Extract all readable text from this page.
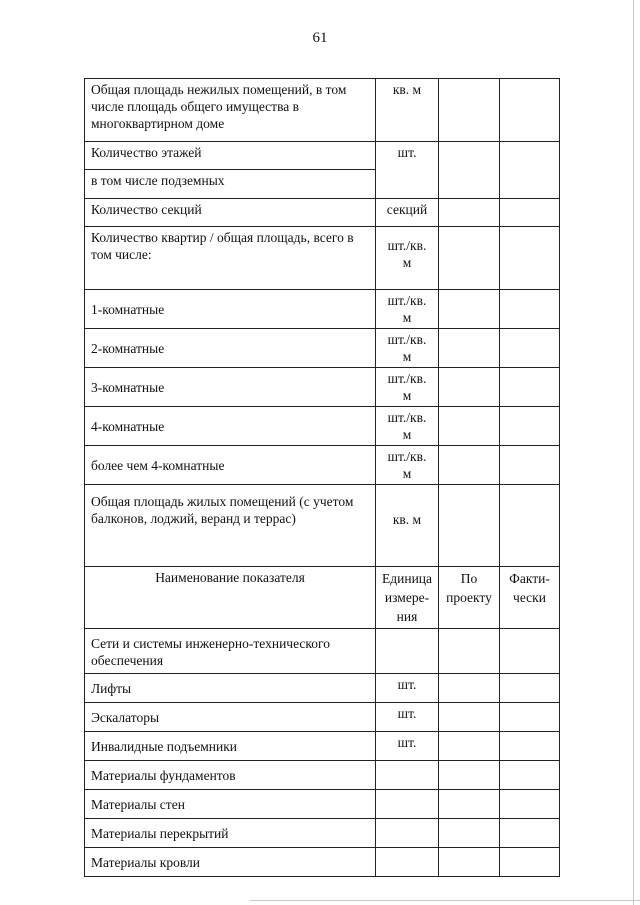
61
Общая площадь нежилых помещений, в том числе площадь общего имущества в многоквартирном доме	кв. м		
Количество этажей	шт.		
в том числе подземных			
Количество секций	секций		
Количество квартир / общая площадь, всего в том числе:	шт./кв. м		
1-комнатные	шт./кв. м		
2-комнатные	шт./кв. м		
3-комнатные	шт./кв. м		
4-комнатные	шт./кв. м		
более чем 4-комнатные	шт./кв. м		
Общая площадь жилых помещений (с учетом балконов, лоджий, веранд и террас)	кв. м		
Наименование показателя	Единица измере-ния	По проекту	Факти-чески
Сети и системы инженерно-технического обеспечения			
Лифты	шт.		
Эскалаторы	шт.		
Инвалидные подъемники	шт.		
Материалы фундаментов			
Материалы стен			
Материалы перекрытий			
Материалы кровли			
